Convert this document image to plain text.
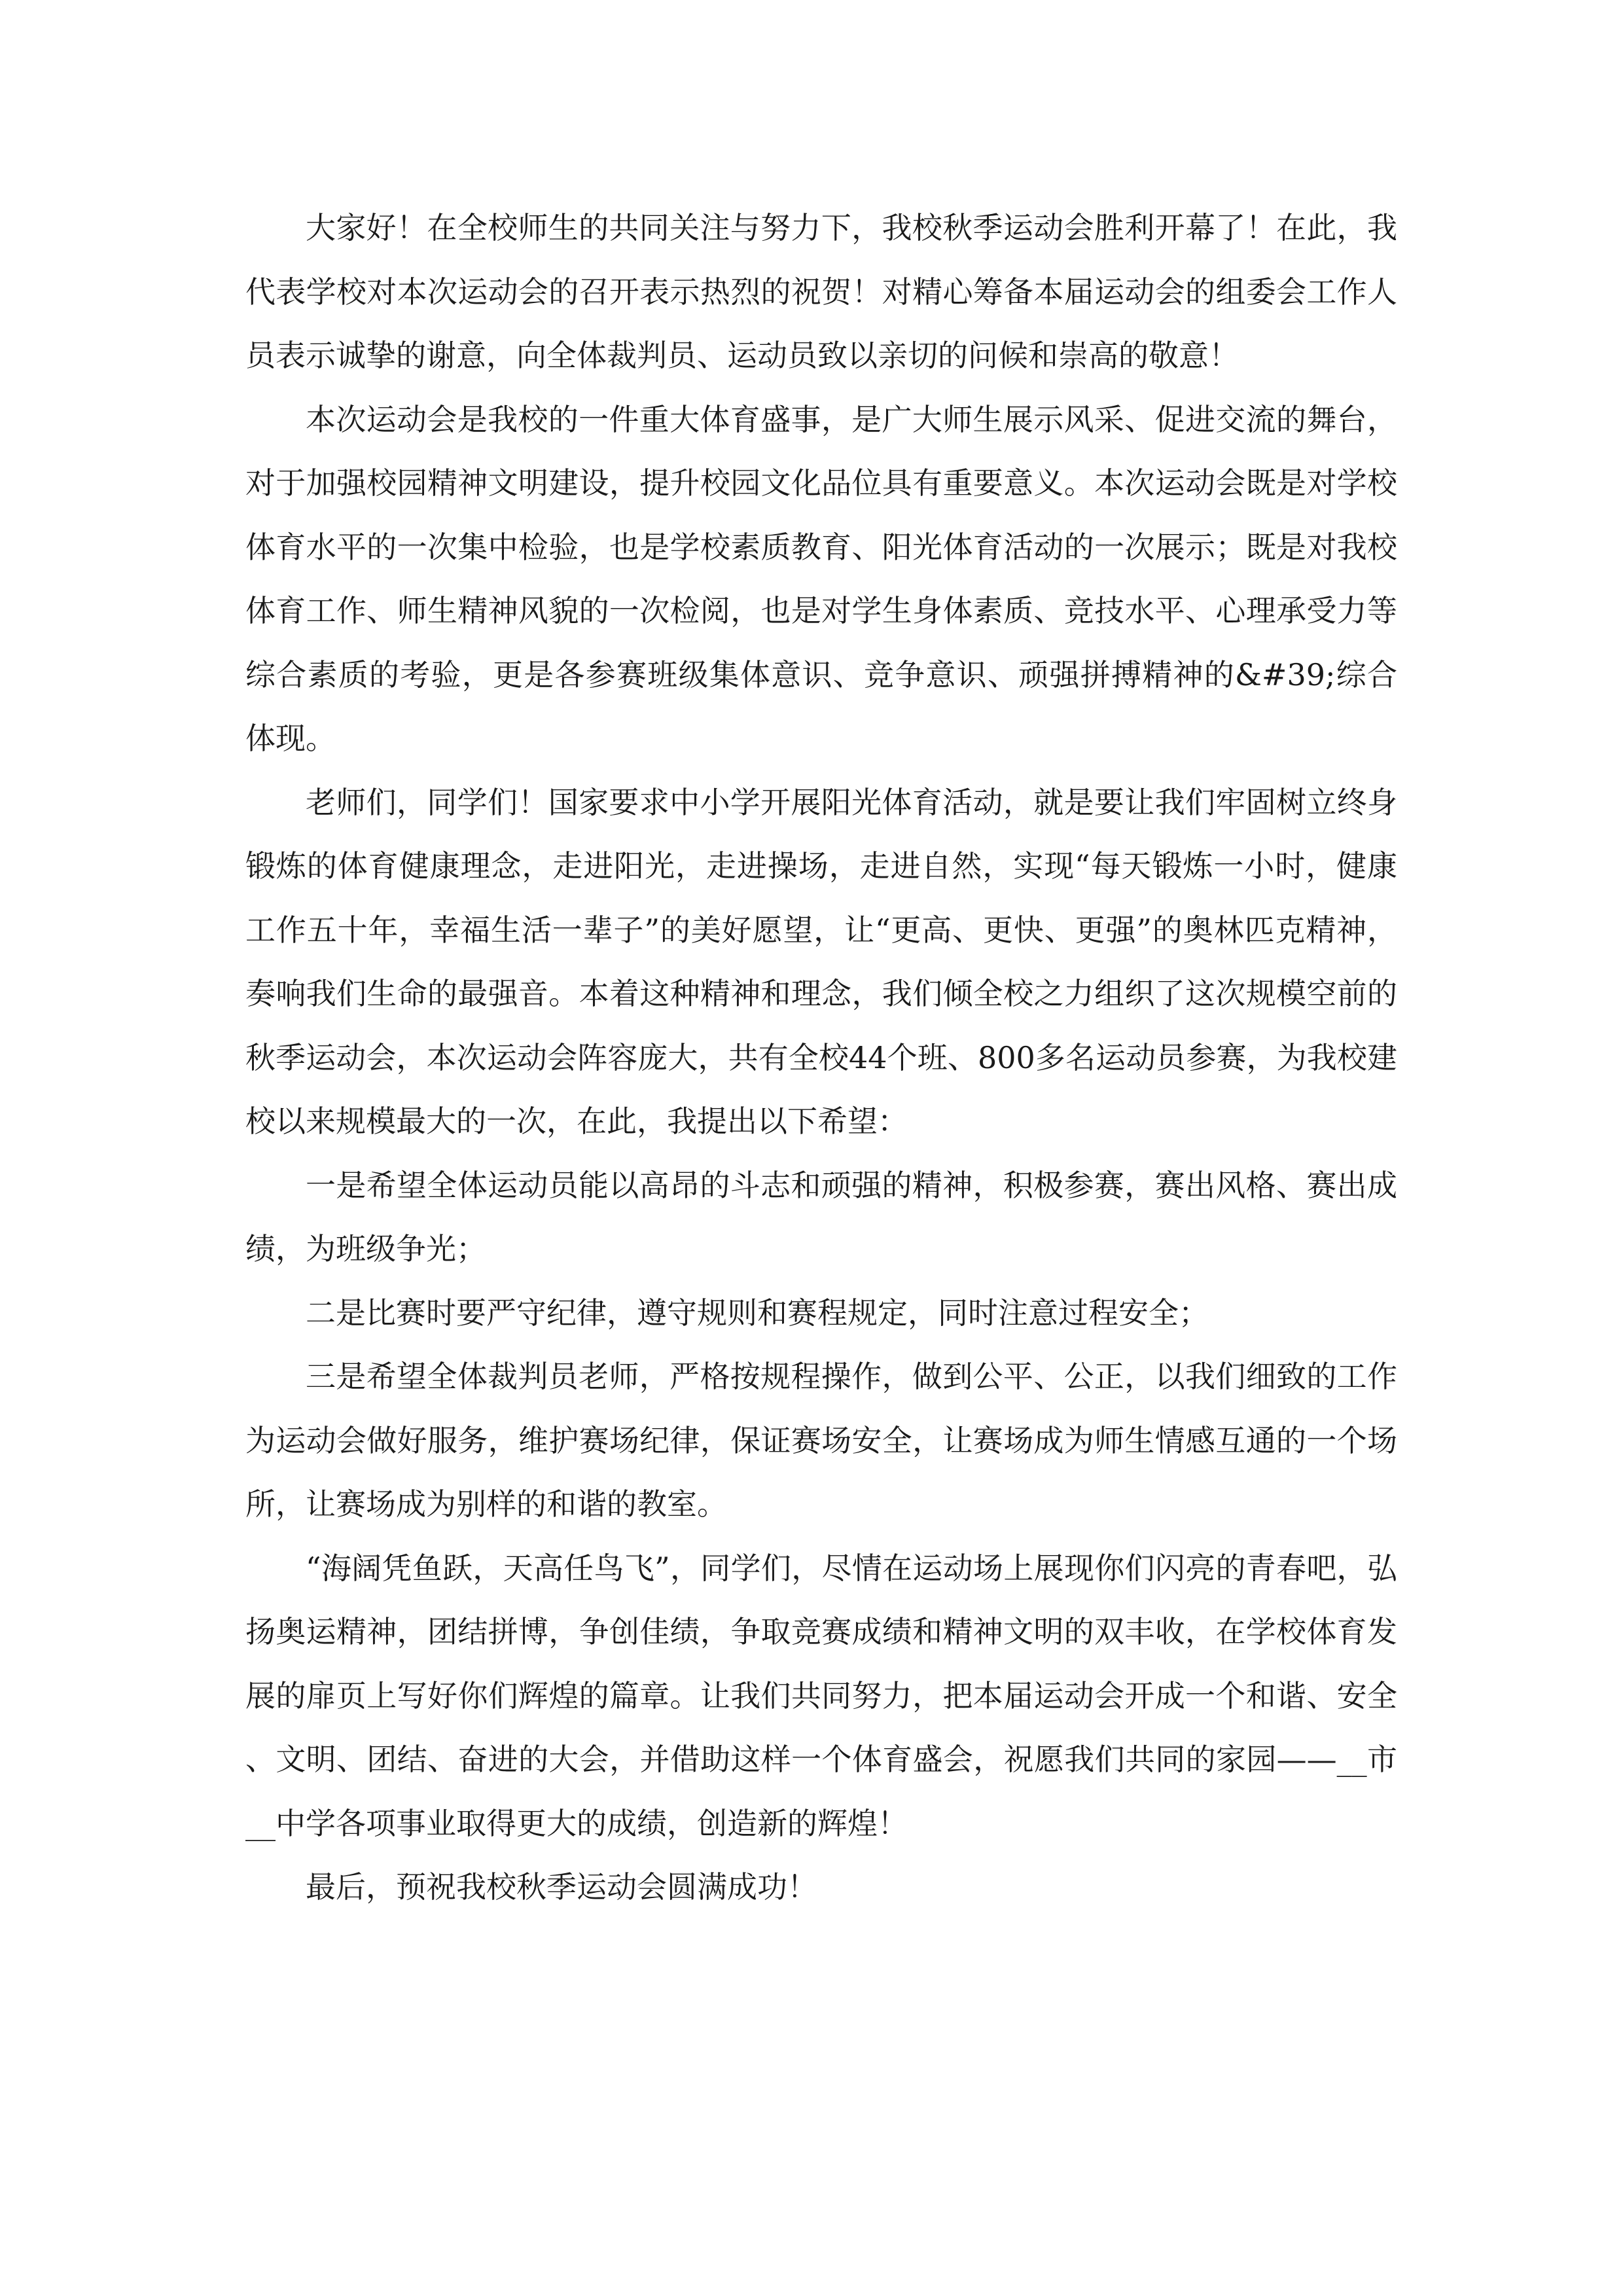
大家好！在全校师生的共同关注与努力下，我校秋季运动会胜利开幕了！在此，我代表学校对本次运动会的召开表示热烈的祝贺！对精心筹备本届运动会的组委会工作人员表示诚挚的谢意，向全体裁判员、运动员致以亲切的问候和崇高的敬意！

本次运动会是我校的一件重大体育盛事，是广大师生展示风采、促进交流的舞台，对于加强校园精神文明建设，提升校园文化品位具有重要意义。本次运动会既是对学校体育水平的一次集中检验，也是学校素质教育、阳光体育活动的一次展示；既是对我校体育工作、师生精神风貌的一次检阅，也是对学生身体素质、竞技水平、心理承受力等综合素质的考验，更是各参赛班级集体意识、竞争意识、顽强拼搏精神的&#39;综合体现。

老师们，同学们！国家要求中小学开展阳光体育活动，就是要让我们牢固树立终身锻炼的体育健康理念，走进阳光，走进操场，走进自然，实现“每天锻炼一小时，健康工作五十年，幸福生活一辈子”的美好愿望，让“更高、更快、更强”的奥林匹克精神，奏响我们生命的最强音。本着这种精神和理念，我们倾全校之力组织了这次规模空前的秋季运动会，本次运动会阵容庞大，共有全校44个班、800多名运动员参赛，为我校建校以来规模最大的一次，在此，我提出以下希望：

一是希望全体运动员能以高昂的斗志和顽强的精神，积极参赛，赛出风格、赛出成绩，为班级争光；

二是比赛时要严守纪律，遵守规则和赛程规定，同时注意过程安全；

三是希望全体裁判员老师，严格按规程操作，做到公平、公正，以我们细致的工作为运动会做好服务，维护赛场纪律，保证赛场安全，让赛场成为师生情感互通的一个场所，让赛场成为别样的和谐的教室。

“海阔凭鱼跃，天高任鸟飞”，同学们，尽情在运动场上展现你们闪亮的青春吧，弘扬奥运精神，团结拼博，争创佳绩，争取竞赛成绩和精神文明的双丰收，在学校体育发展的扉页上写好你们辉煌的篇章。让我们共同努力，把本届运动会开成一个和谐、安全、文明、团结、奋进的大会，并借助这样一个体育盛会，祝愿我们共同的家园——__市__中学各项事业取得更大的成绩，创造新的辉煌！

最后，预祝我校秋季运动会圆满成功！
